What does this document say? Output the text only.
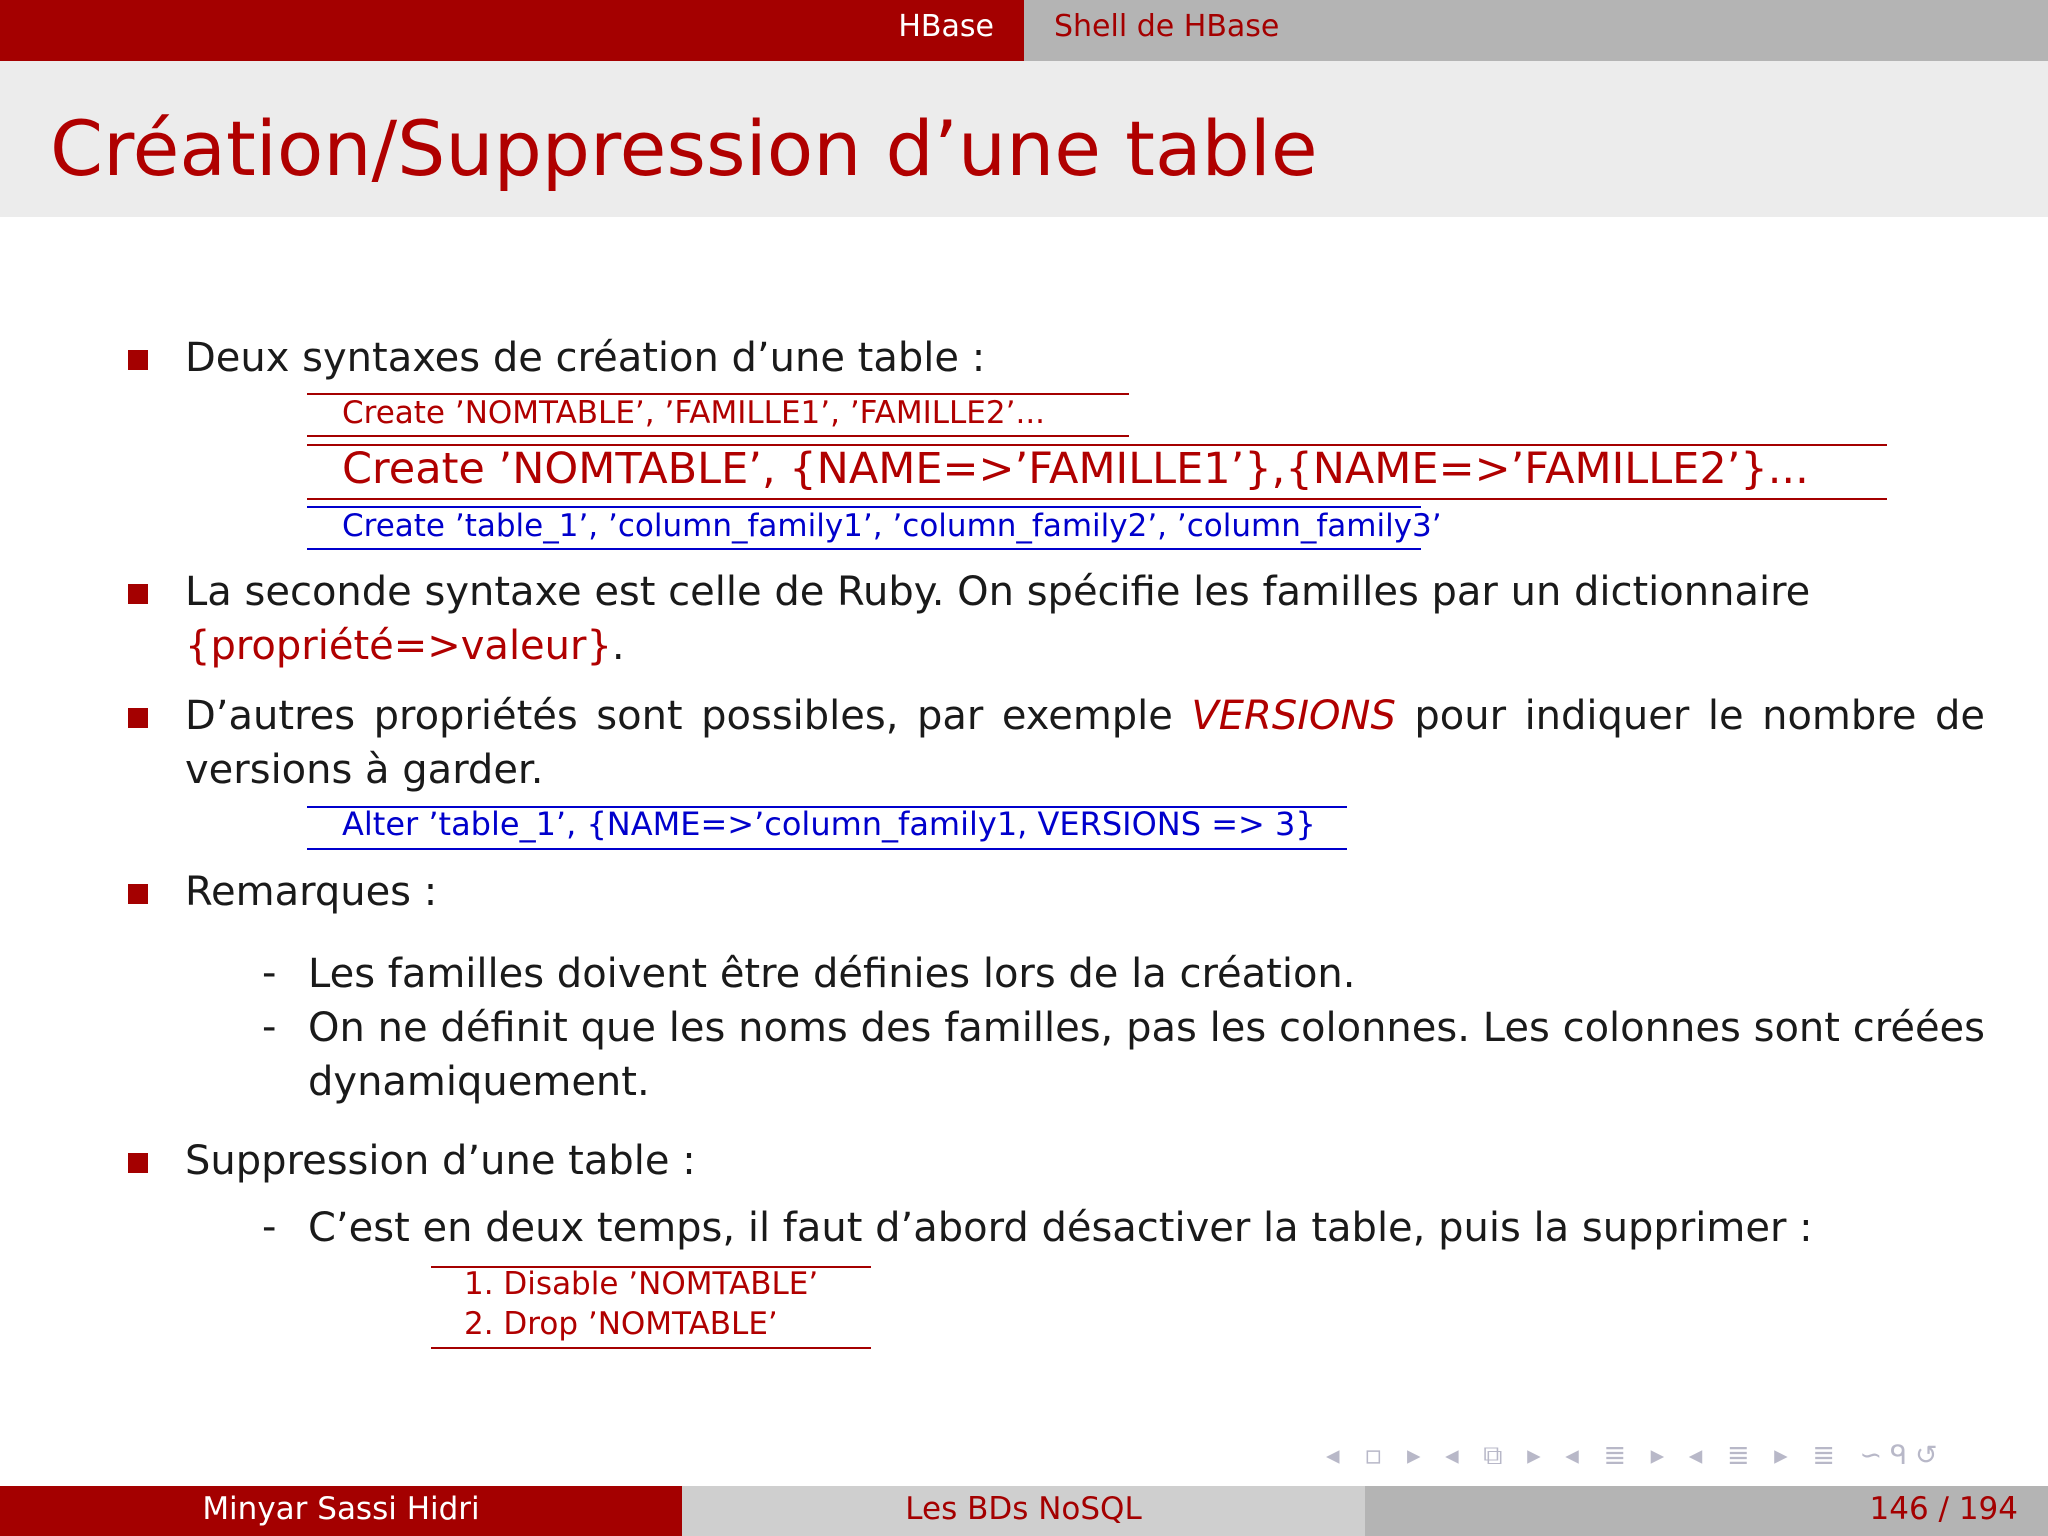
HBase	Shell de HBase
Création/Suppression d’une table
Deux syntaxes de création d’une table :
Create ’NOMTABLE’, ’FAMILLE1’, ’FAMILLE2’...
Create ’NOMTABLE’, {NAME=>’FAMILLE1’},{NAME=>’FAMILLE2’}...
Create ’table_1’, ’column_family1’, ’column_family2’, ’column_family3’
La seconde syntaxe est celle de Ruby. On spécifie les familles par un dictionnaire
{propriété=>valeur}.
D’autres propriétés sont possibles, par exemple VERSIONS pour indiquer le nombre de
versions à garder.
Alter ’table_1’, {NAME=>’column_family1, VERSIONS => 3}
Remarques :
- Les familles doivent être définies lors de la création.
- On ne définit que les noms des familles, pas les colonnes. Les colonnes sont créées
dynamiquement.
Suppression d’une table :
- C’est en deux temps, il faut d’abord désactiver la table, puis la supprimer :
1. Disable ’NOMTABLE’
2. Drop ’NOMTABLE’
◂ ▫ ▸ ◂ ⧉ ▸ ◂ ≣ ▸ ◂ ≣ ▸ ≣ ∽ᑫ↺
Minyar Sassi Hidri	Les BDs NoSQL	146 / 194
